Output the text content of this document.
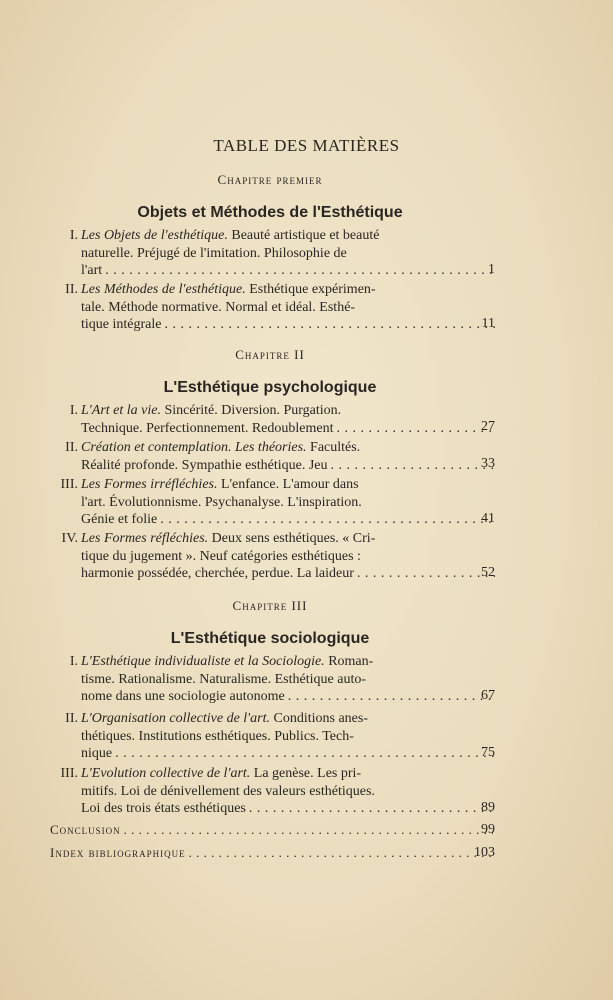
TABLE DES MATIÈRES
Chapitre premier
Objets et Méthodes de l'Esthétique
I. Les Objets de l'esthétique. Beauté artistique et beauté
naturelle. Préjugé de l'imitation. Philosophie de
l'art . . .	1
II. Les Méthodes de l'esthétique. Esthétique expérimen-
tale. Méthode normative. Normal et idéal. Esthé-
tique intégrale . . .	11
Chapitre II
L'Esthétique psychologique
I. L'Art et la vie. Sincérité. Diversion. Purgation.
Technique. Perfectionnement. Redoublement . . .	27
II. Création et contemplation. Les théories. Facultés.
Réalité profonde. Sympathie esthétique. Jeu . . .	33
III. Les Formes irréfléchies. L'enfance. L'amour dans
l'art. Évolutionnisme. Psychanalyse. L'inspiration.
Génie et folie . . .	41
IV. Les Formes réfléchies. Deux sens esthétiques. « Cri-
tique du jugement ». Neuf catégories esthétiques :
harmonie possédée, cherchée, perdue. La laideur . . .	52
Chapitre III
L'Esthétique sociologique
I. L'Esthétique individualiste et la Sociologie. Roman-
tisme. Rationalisme. Naturalisme. Esthétique auto-
nome dans une sociologie autonome . . .	67
II. L'Organisation collective de l'art. Conditions anes-
thétiques. Institutions esthétiques. Publics. Tech-
nique . . .	75
III. L'Evolution collective de l'art. La genèse. Les pri-
mitifs. Loi de dénivellement des valeurs esthétiques.
Loi des trois états esthétiques . . .	89
Conclusion . . .	99
Index bibliographique . . .	103
